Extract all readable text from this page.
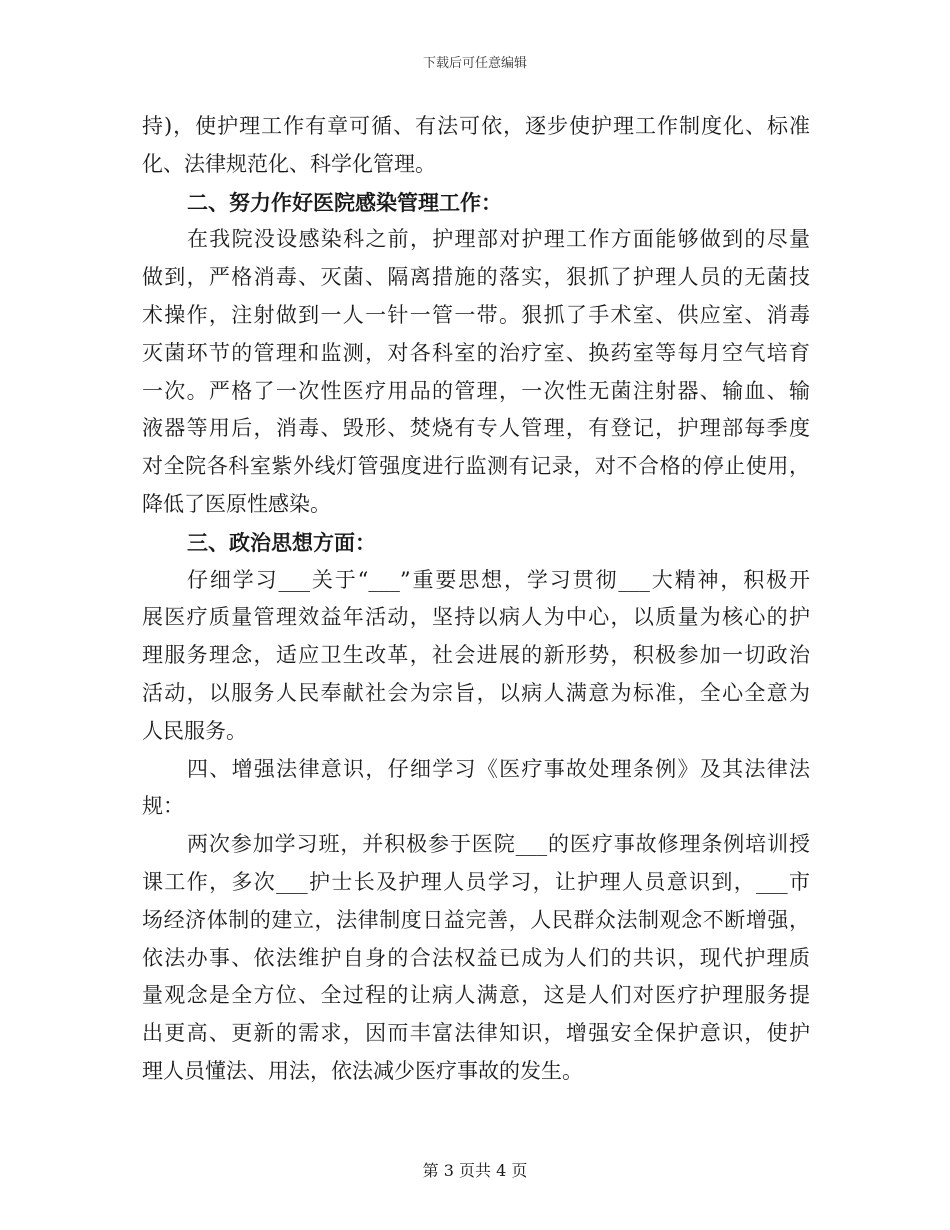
下载后可任意编辑
持)，使护理工作有章可循、有法可依，逐步使护理工作制度化、标准
化、法律规范化、科学化管理。
二、努力作好医院感染管理工作：
在我院没设感染科之前，护理部对护理工作方面能够做到的尽量
做到，严格消毒、灭菌、隔离措施的落实，狠抓了护理人员的无菌技
术操作，注射做到一人一针一管一带。狠抓了手术室、供应室、消毒
灭菌环节的管理和监测，对各科室的治疗室、换药室等每月空气培育
一次。严格了一次性医疗用品的管理，一次性无菌注射器、输血、输
液器等用后，消毒、毁形、焚烧有专人管理，有登记，护理部每季度
对全院各科室紫外线灯管强度进行监测有记录，对不合格的停止使用，
降低了医原性感染。
三、政治思想方面：
仔细学习___关于“___”重要思想，学习贯彻___大精神，积极开
展医疗质量管理效益年活动，坚持以病人为中心，以质量为核心的护
理服务理念，适应卫生改革，社会进展的新形势，积极参加一切政治
活动，以服务人民奉献社会为宗旨，以病人满意为标准，全心全意为
人民服务。
四、增强法律意识，仔细学习《医疗事故处理条例》及其法律法
规：
两次参加学习班，并积极参于医院___的医疗事故修理条例培训授
课工作，多次___护士长及护理人员学习，让护理人员意识到，___市
场经济体制的建立，法律制度日益完善，人民群众法制观念不断增强，
依法办事、依法维护自身的合法权益已成为人们的共识，现代护理质
量观念是全方位、全过程的让病人满意，这是人们对医疗护理服务提
出更高、更新的需求，因而丰富法律知识，增强安全保护意识，使护
理人员懂法、用法，依法减少医疗事故的发生。
第 3 页共 4 页
